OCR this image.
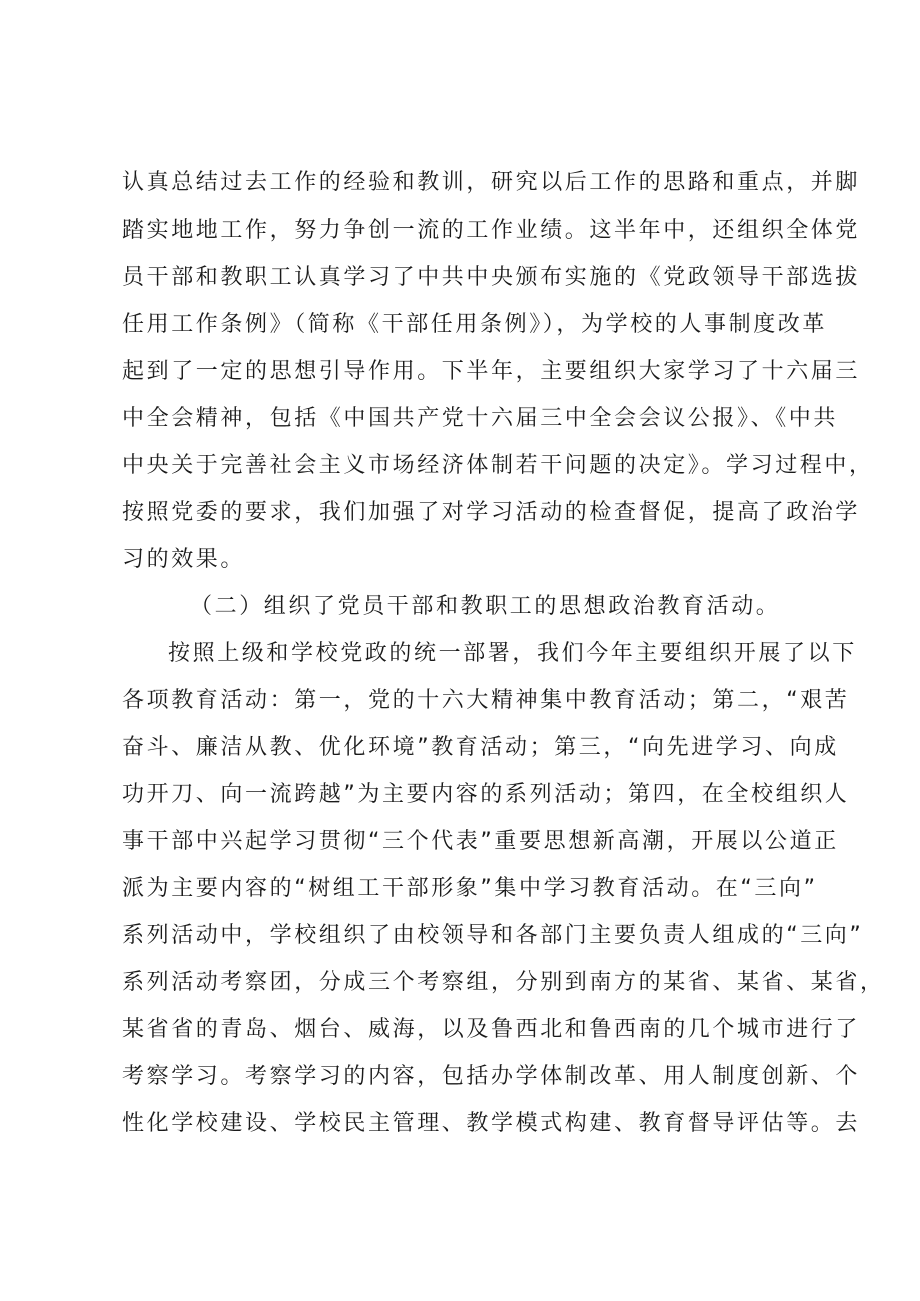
认真总结过去工作的经验和教训，研究以后工作的思路和重点，并脚
踏实地地工作，努力争创一流的工作业绩。这半年中，还组织全体党
员干部和教职工认真学习了中共中央颁布实施的《党政领导干部选拔
任用工作条例》（简称《干部任用条例》），为学校的人事制度改革
起到了一定的思想引导作用。下半年，主要组织大家学习了十六届三
中全会精神，包括《中国共产党十六届三中全会会议公报》、《中共
中央关于完善社会主义市场经济体制若干问题的决定》。学习过程中，
按照党委的要求，我们加强了对学习活动的检查督促，提高了政治学
习的效果。
（二）组织了党员干部和教职工的思想政治教育活动。
按照上级和学校党政的统一部署，我们今年主要组织开展了以下
各项教育活动：第一，党的十六大精神集中教育活动；第二，“艰苦
奋斗、廉洁从教、优化环境”教育活动；第三，“向先进学习、向成
功开刀、向一流跨越”为主要内容的系列活动；第四，在全校组织人
事干部中兴起学习贯彻“三个代表”重要思想新高潮，开展以公道正
派为主要内容的“树组工干部形象”集中学习教育活动。在“三向”
系列活动中，学校组织了由校领导和各部门主要负责人组成的“三向”
系列活动考察团，分成三个考察组，分别到南方的某省、某省、某省，
某省省的青岛、烟台、威海，以及鲁西北和鲁西南的几个城市进行了
考察学习。考察学习的内容，包括办学体制改革、用人制度创新、个
性化学校建设、学校民主管理、教学模式构建、教育督导评估等。去
